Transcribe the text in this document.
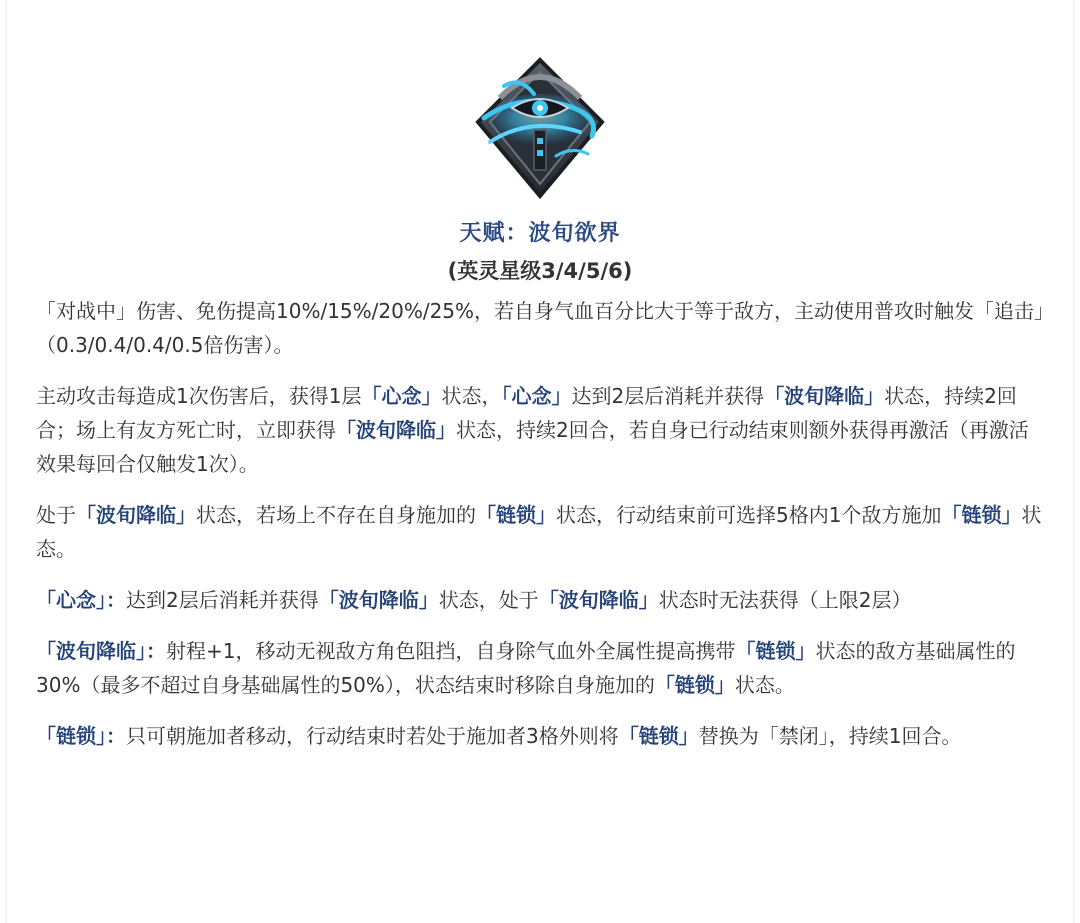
天赋：波旬欲界
(英灵星级3/4/5/6)

「对战中」伤害、免伤提高10%/15%/20%/25%，若自身气血百分比大于等于敌方，主动使用普攻时触发「追击」（0.3/0.4/0.4/0.5倍伤害）。

主动攻击每造成1次伤害后，获得1层「心念」状态，「心念」达到2层后消耗并获得「波旬降临」状态，持续2回合；场上有友方死亡时，立即获得「波旬降临」状态，持续2回合，若自身已行动结束则额外获得再激活（再激活效果每回合仅触发1次）。

处于「波旬降临」状态，若场上不存在自身施加的「链锁」状态，行动结束前可选择5格内1个敌方施加「链锁」状态。

「心念」：达到2层后消耗并获得「波旬降临」状态，处于「波旬降临」状态时无法获得（上限2层）

「波旬降临」：射程+1，移动无视敌方角色阻挡，自身除气血外全属性提高携带「链锁」状态的敌方基础属性的30%（最多不超过自身基础属性的50%），状态结束时移除自身施加的「链锁」状态。

「链锁」：只可朝施加者移动，行动结束时若处于施加者3格外则将「链锁」替换为「禁闭」，持续1回合。
